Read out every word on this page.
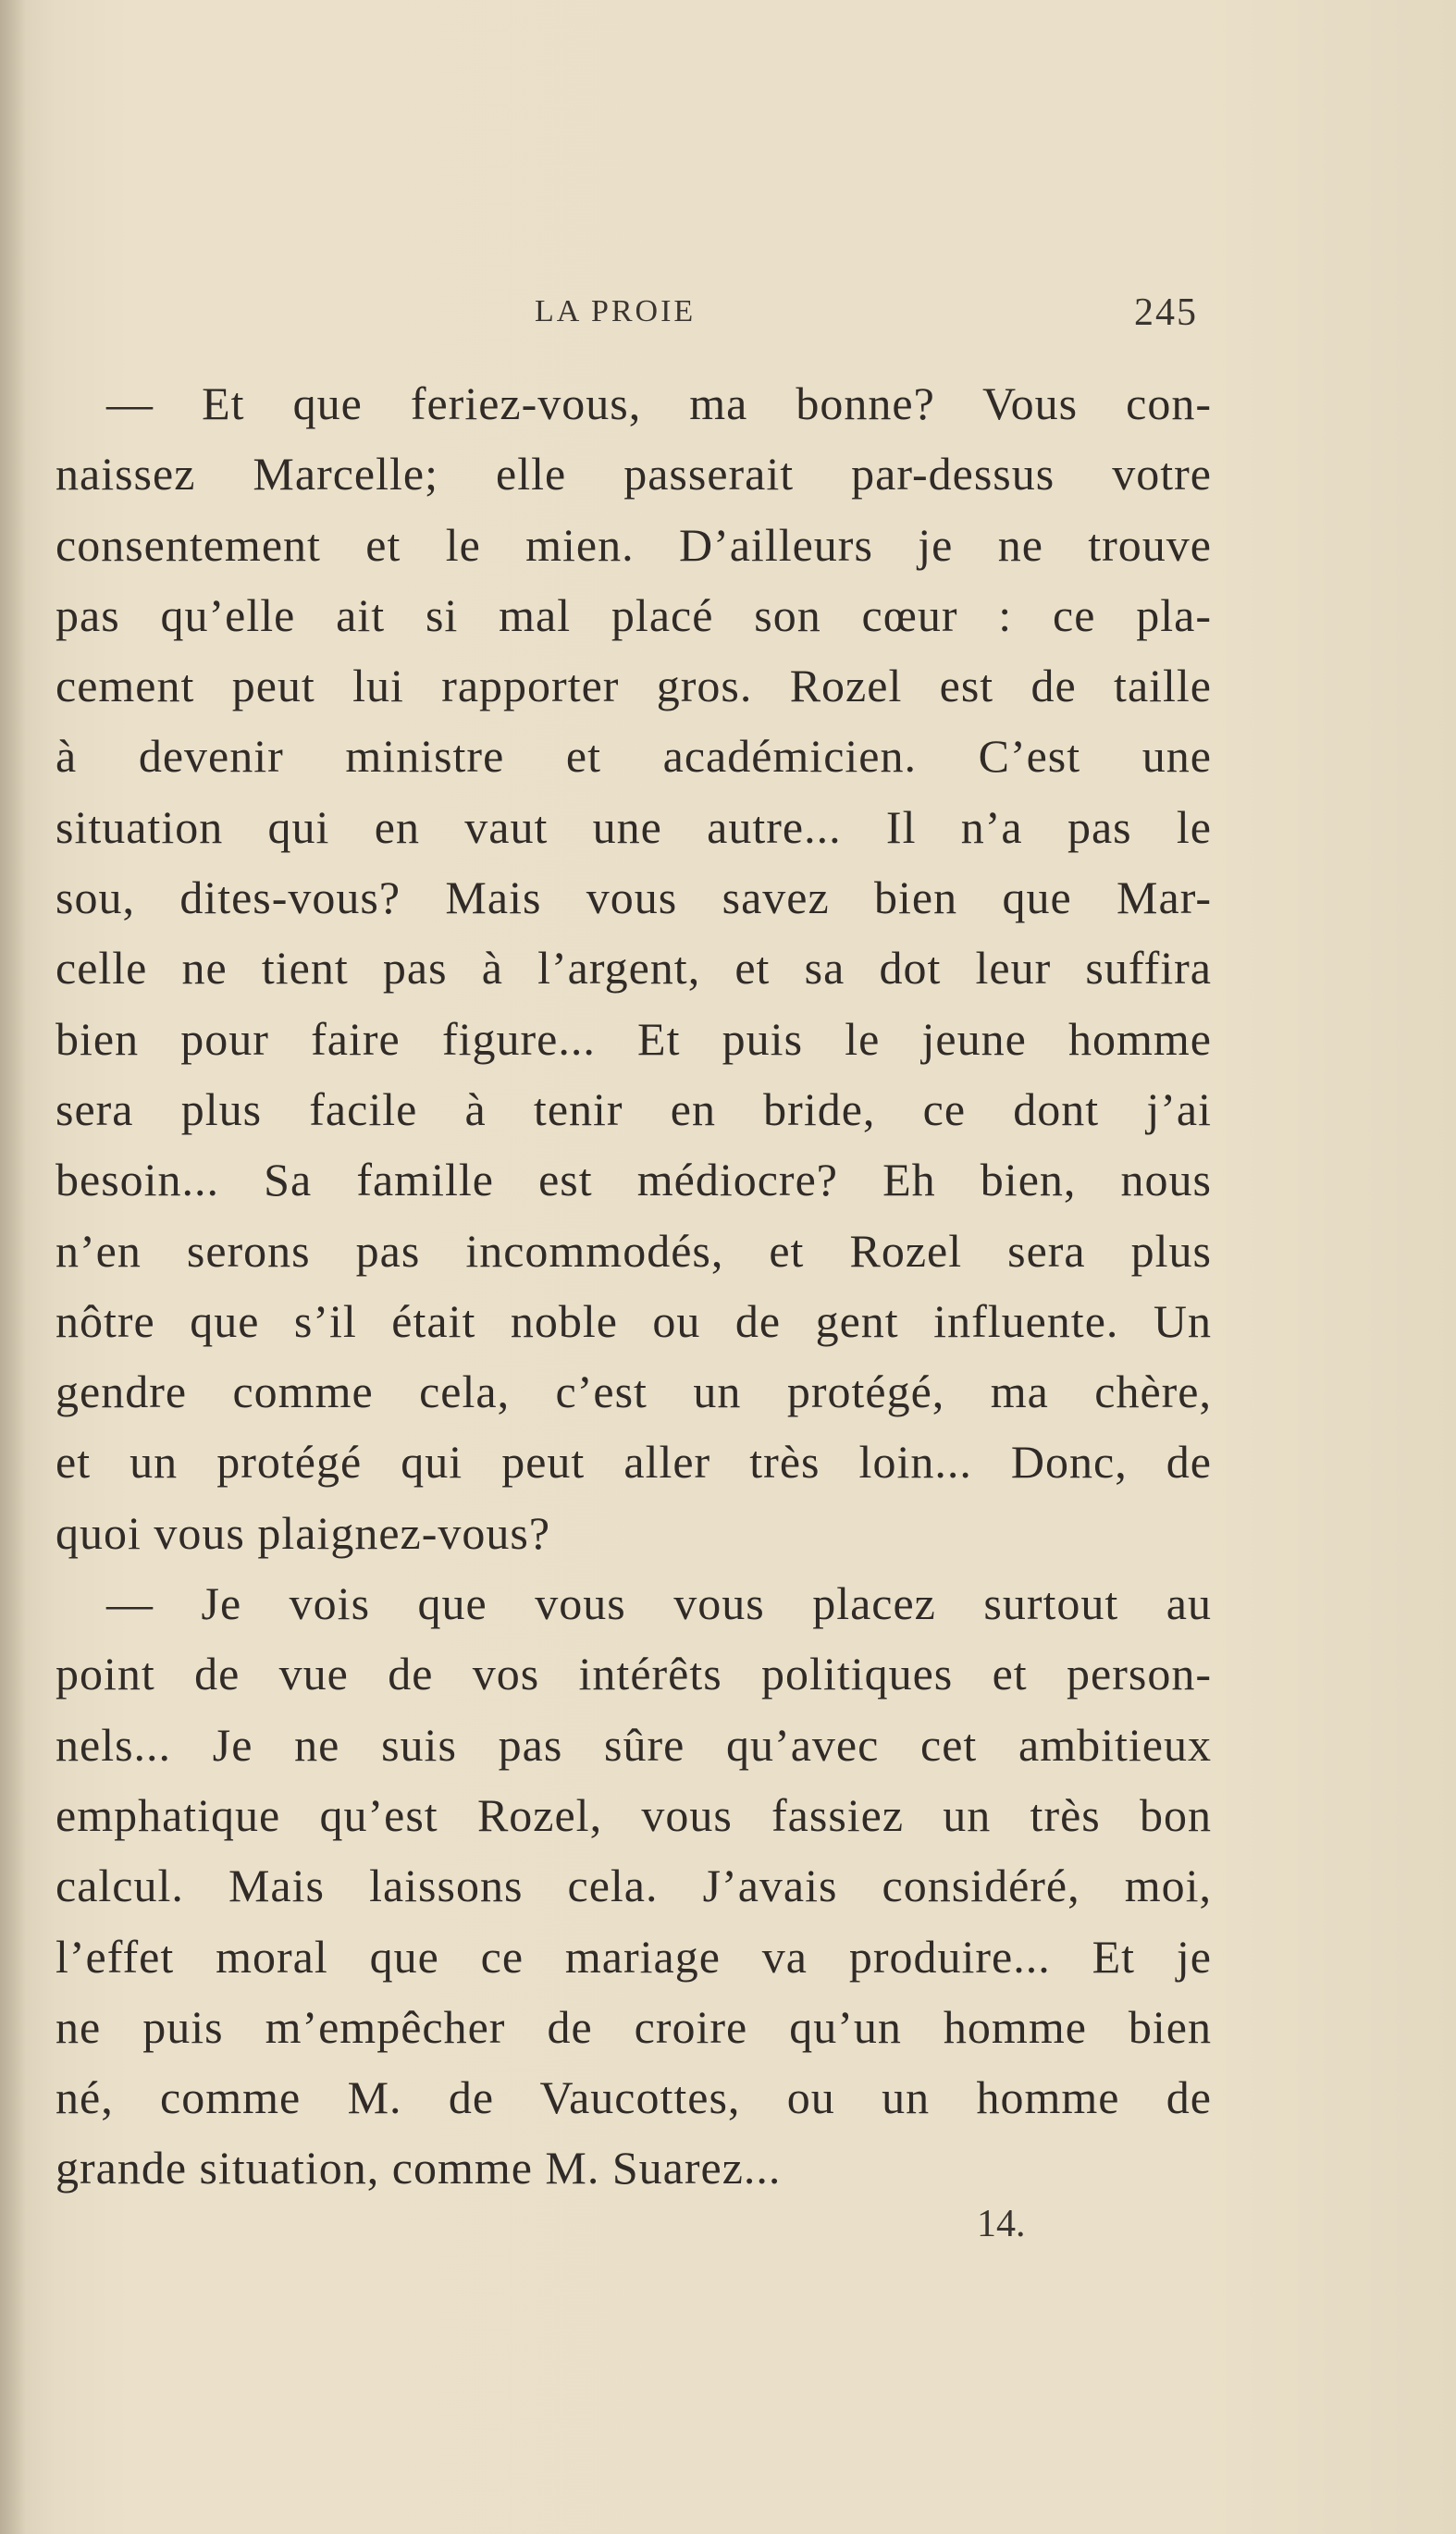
LA PROIE	245
— Et que feriez-vous, ma bonne? Vous con-
naissez Marcelle; elle passerait par-dessus votre
consentement et le mien. D’ailleurs je ne trouve
pas qu’elle ait si mal placé son cœur : ce pla-
cement peut lui rapporter gros. Rozel est de taille
à devenir ministre et académicien. C’est une
situation qui en vaut une autre... Il n’a pas le
sou, dites-vous? Mais vous savez bien que Mar-
celle ne tient pas à l’argent, et sa dot leur suffira
bien pour faire figure... Et puis le jeune homme
sera plus facile à tenir en bride, ce dont j’ai
besoin... Sa famille est médiocre? Eh bien, nous
n’en serons pas incommodés, et Rozel sera plus
nôtre que s’il était noble ou de gent influente. Un
gendre comme cela, c’est un protégé, ma chère,
et un protégé qui peut aller très loin... Donc, de
quoi vous plaignez-vous?
— Je vois que vous vous placez surtout au
point de vue de vos intérêts politiques et person-
nels... Je ne suis pas sûre qu’avec cet ambitieux
emphatique qu’est Rozel, vous fassiez un très bon
calcul. Mais laissons cela. J’avais considéré, moi,
l’effet moral que ce mariage va produire... Et je
ne puis m’empêcher de croire qu’un homme bien
né, comme M. de Vaucottes, ou un homme de
grande situation, comme M. Suarez...
14.
